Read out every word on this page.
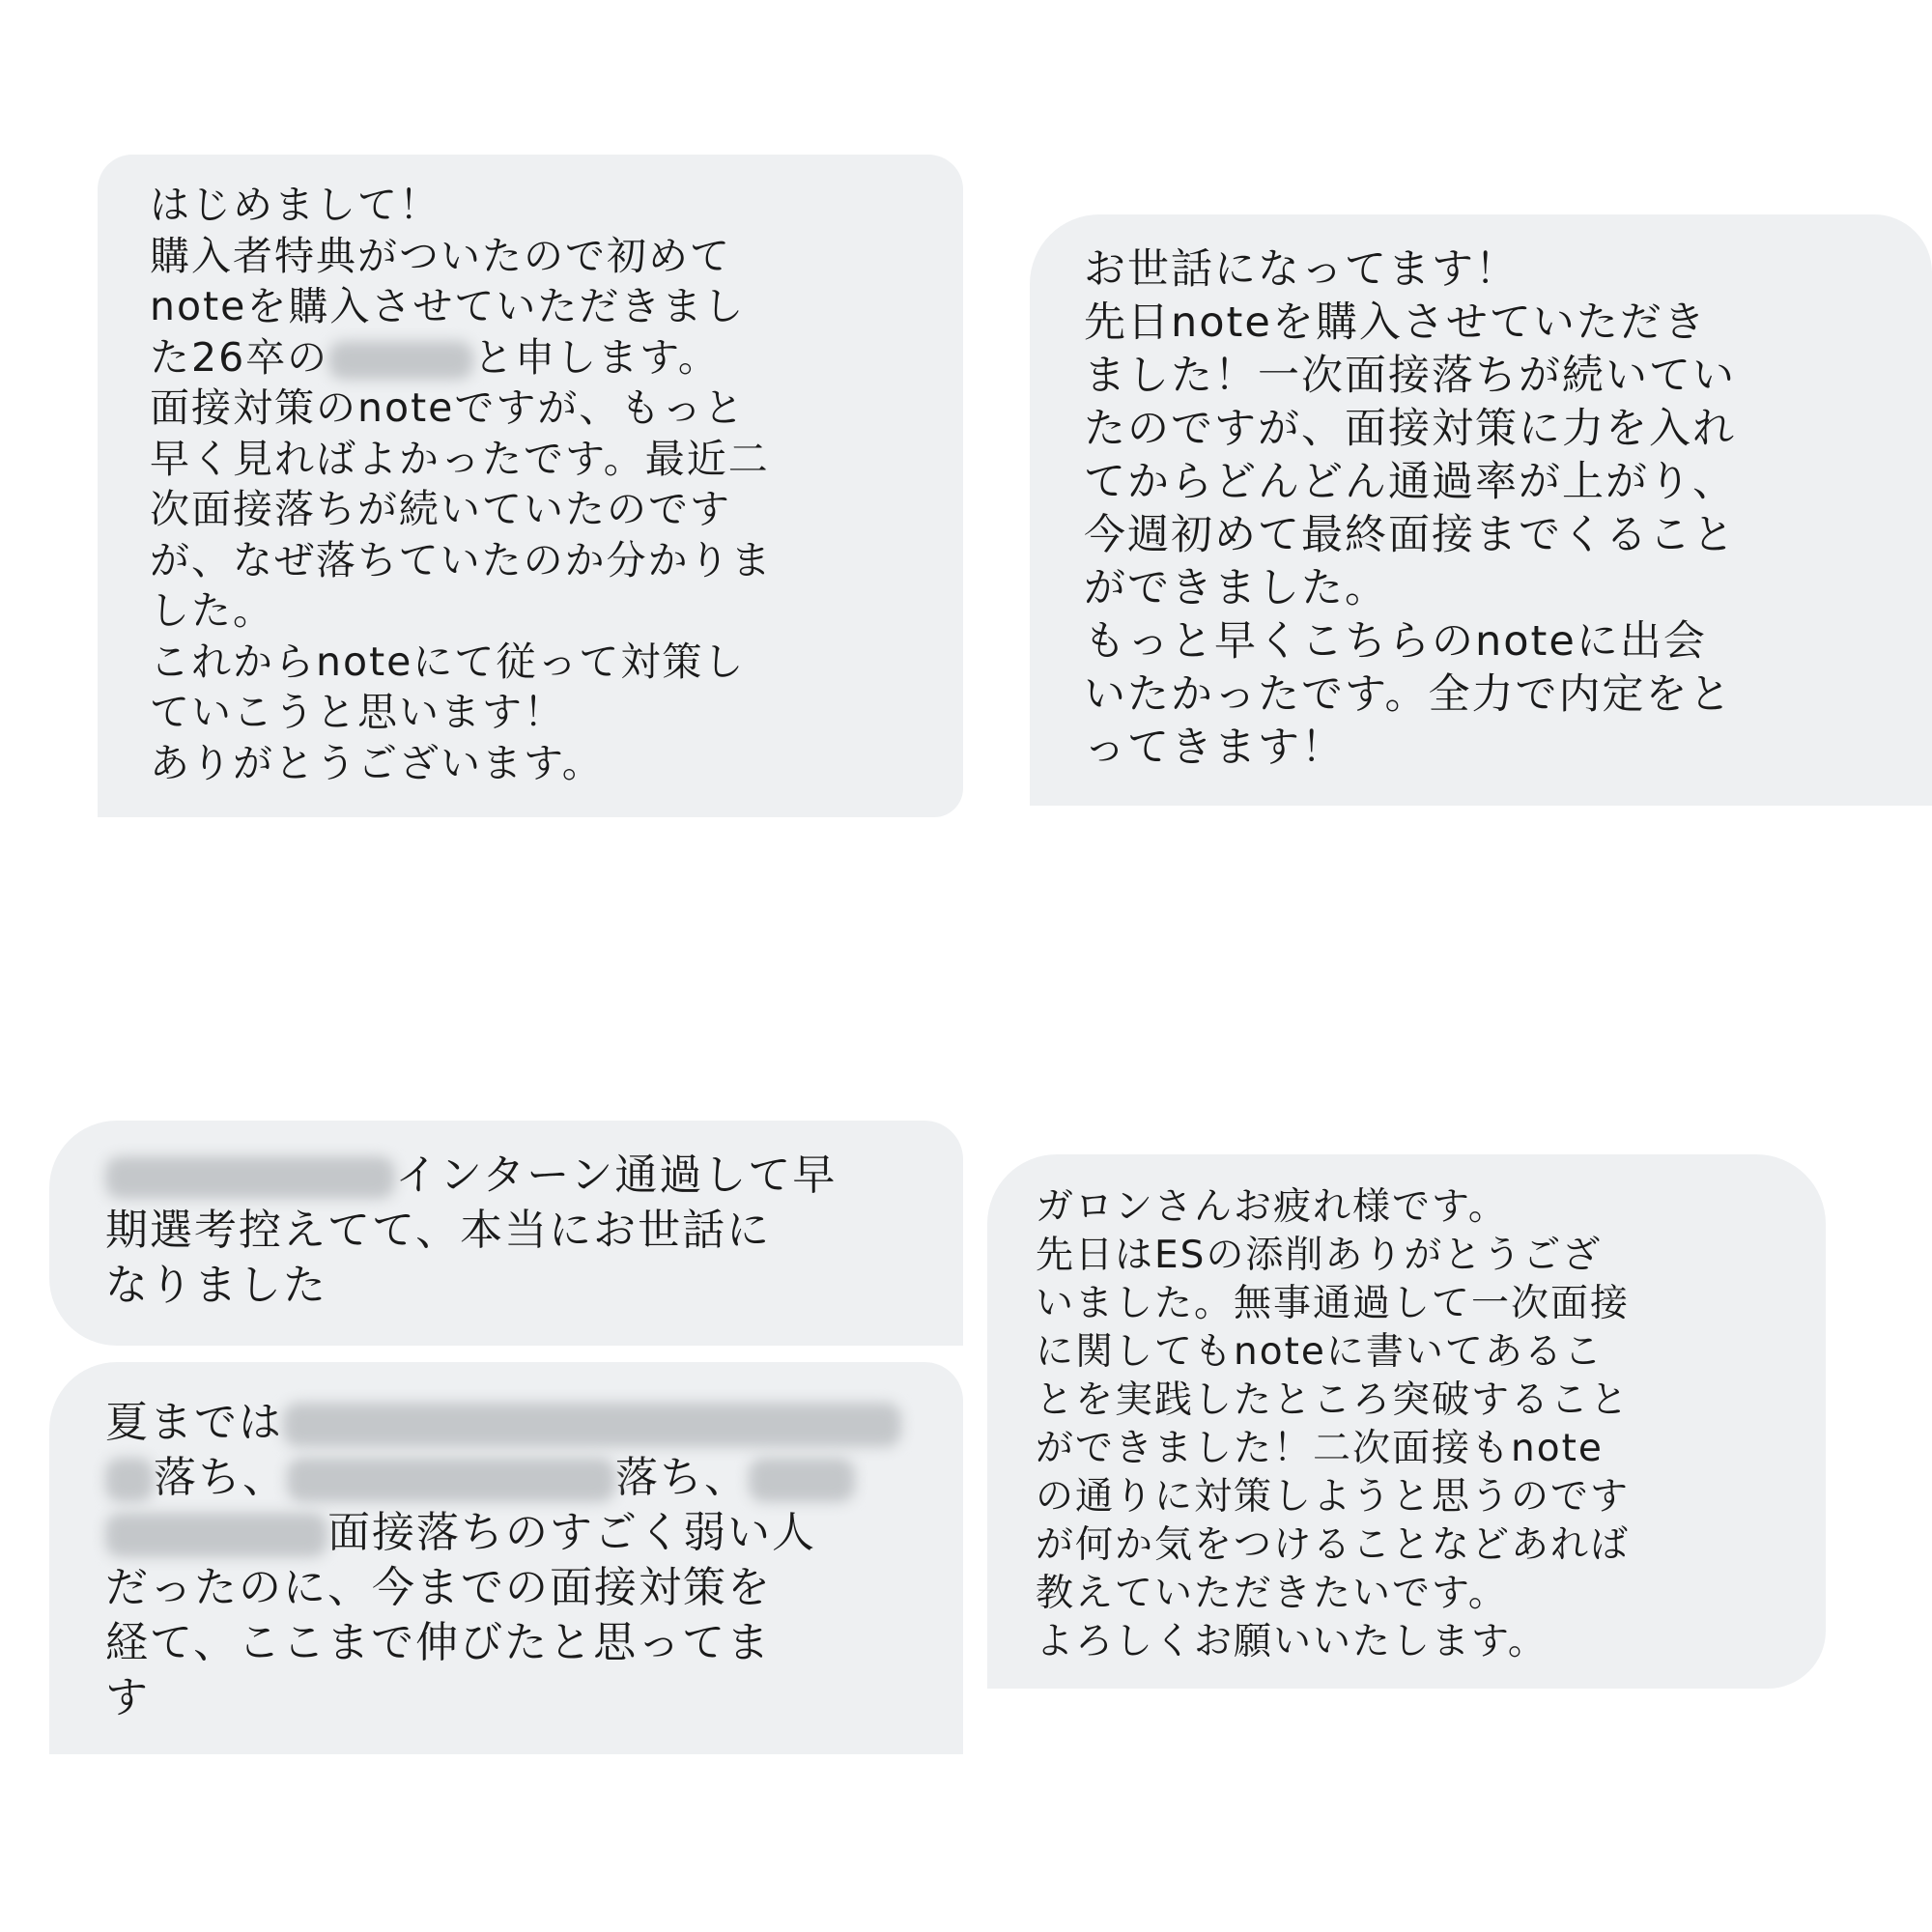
はじめまして！
購入者特典がついたので初めて
noteを購入させていただきまし
た26卒の	と申します。
面接対策のnoteですが、もっと
早く見ればよかったです。最近二
次面接落ちが続いていたのです
が、なぜ落ちていたのか分かりま
した。
これからnoteにて従って対策し
ていこうと思います！
ありがとうございます。
お世話になってます！
先日noteを購入させていただき
ました！一次面接落ちが続いてい
たのですが、面接対策に力を入れ
てからどんどん通過率が上がり、
今週初めて最終面接までくること
ができました。
もっと早くこちらのnoteに出会
いたかったです。全力で内定をと
ってきます！
インターン通過して早
期選考控えてて、本当にお世話に
なりました
夏までは
落ち、	落ち、
面接落ちのすごく弱い人
だったのに、今までの面接対策を
経て、ここまで伸びたと思ってま
す
ガロンさんお疲れ様です。
先日はESの添削ありがとうござ
いました。無事通過して一次面接
に関してもnoteに書いてあるこ
とを実践したところ突破すること
ができました！二次面接もnote
の通りに対策しようと思うのです
が何か気をつけることなどあれば
教えていただきたいです。
よろしくお願いいたします。
